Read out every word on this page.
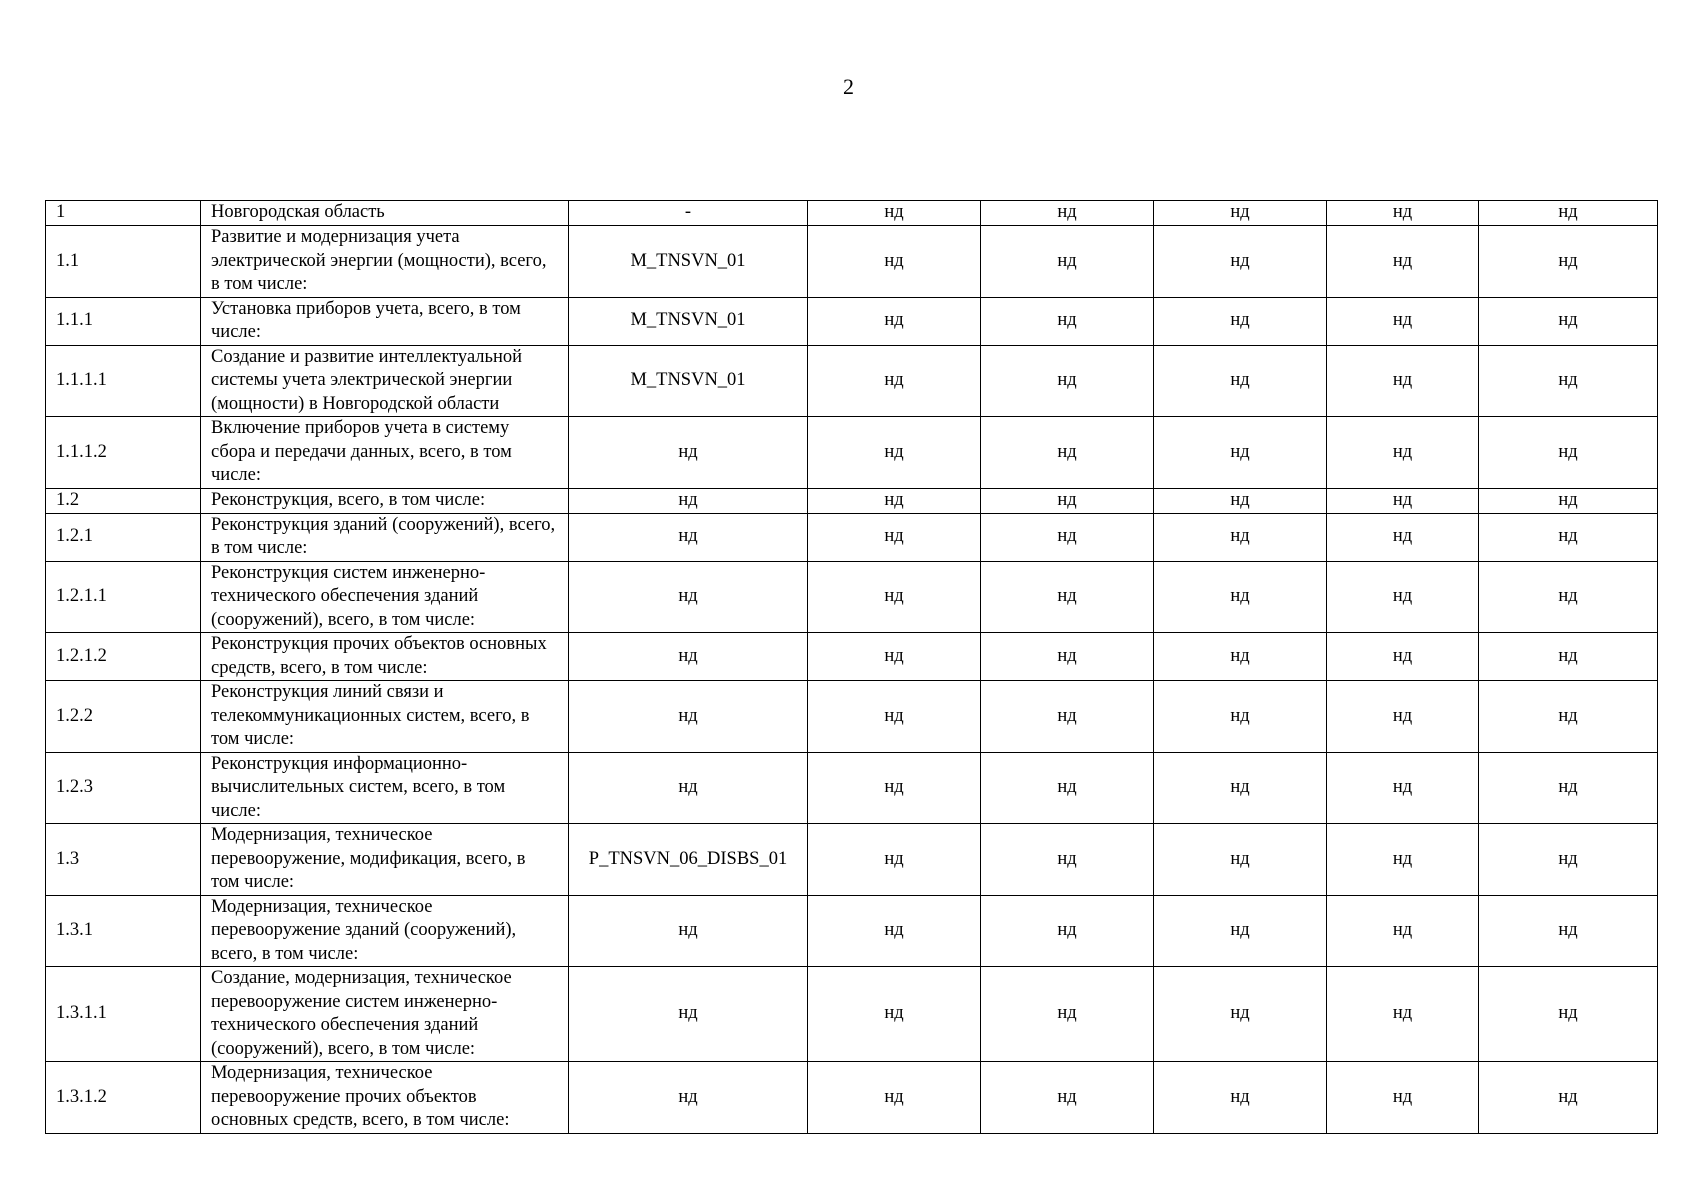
2
1	Новгородская область	-	нд	нд	нд	нд	нд
1.1	Развитие и модернизация учета электрической энергии (мощности), всего, в том числе:	M_TNSVN_01	нд	нд	нд	нд	нд
1.1.1	Установка приборов учета, всего, в том числе:	M_TNSVN_01	нд	нд	нд	нд	нд
1.1.1.1	Создание и развитие интеллектуальной системы учета электрической энергии (мощности) в Новгородской области	M_TNSVN_01	нд	нд	нд	нд	нд
1.1.1.2	Включение приборов учета в систему сбора и передачи данных, всего, в том числе:	нд	нд	нд	нд	нд	нд
1.2	Реконструкция, всего, в том числе:	нд	нд	нд	нд	нд	нд
1.2.1	Реконструкция зданий (сооружений), всего, в том числе:	нд	нд	нд	нд	нд	нд
1.2.1.1	Реконструкция систем инженерно-технического обеспечения зданий (сооружений), всего, в том числе:	нд	нд	нд	нд	нд	нд
1.2.1.2	Реконструкция прочих объектов основных средств, всего, в том числе:	нд	нд	нд	нд	нд	нд
1.2.2	Реконструкция линий связи и телекоммуникационных систем, всего, в том числе:	нд	нд	нд	нд	нд	нд
1.2.3	Реконструкция информационно-вычислительных систем, всего, в том числе:	нд	нд	нд	нд	нд	нд
1.3	Модернизация, техническое перевооружение, модификация, всего, в том числе:	P_TNSVN_06_DISBS_01	нд	нд	нд	нд	нд
1.3.1	Модернизация, техническое перевооружение зданий (сооружений), всего, в том числе:	нд	нд	нд	нд	нд	нд
1.3.1.1	Создание, модернизация, техническое перевооружение систем инженерно-технического обеспечения зданий (сооружений), всего, в том числе:	нд	нд	нд	нд	нд	нд
1.3.1.2	Модернизация, техническое перевооружение прочих объектов основных средств, всего, в том числе:	нд	нд	нд	нд	нд	нд
